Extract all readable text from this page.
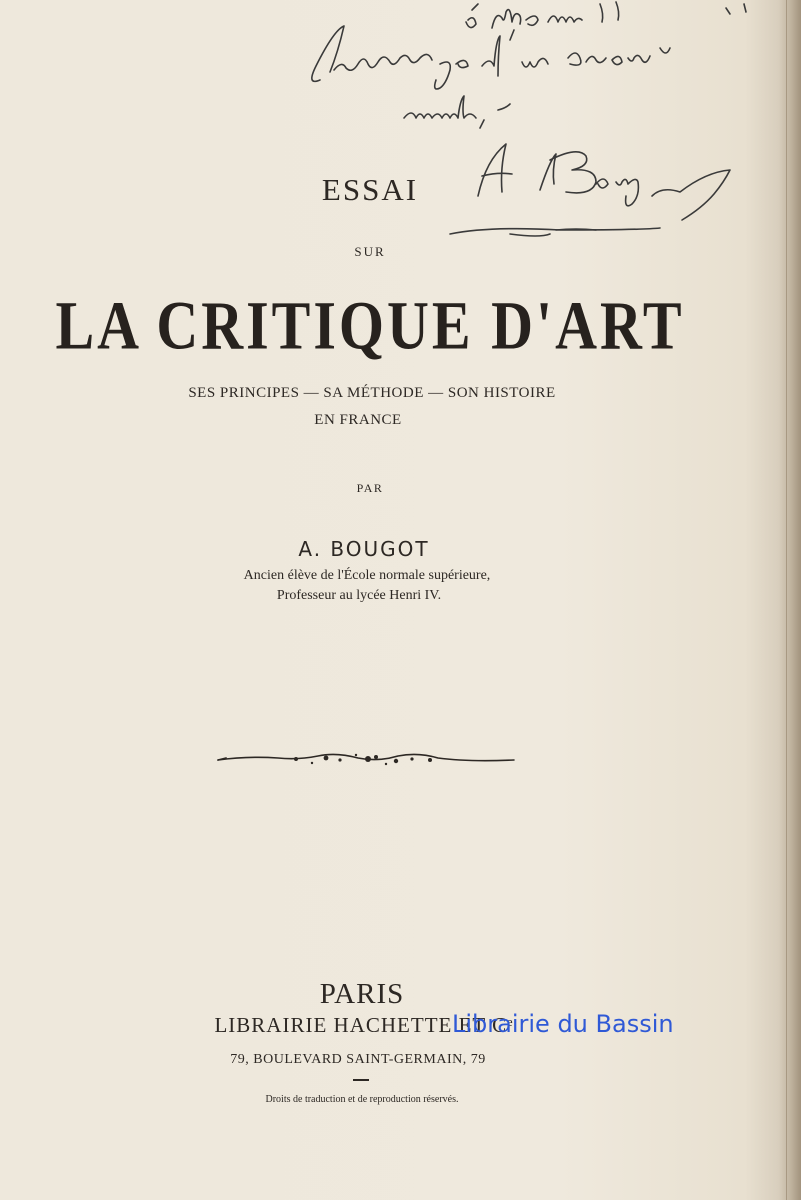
ESSAI
SUR
LA CRITIQUE D'ART
SES PRINCIPES — SA MÉTHODE — SON HISTOIRE
EN FRANCE
PAR
A. BOUGOT
Ancien élève de l'École normale supérieure,
Professeur au lycée Henri IV.
PARIS
LIBRAIRIE HACHETTE ET Cᵉ
79, BOULEVARD SAINT-GERMAIN, 79
Droits de traduction et de reproduction réservés.
Librairie du Bassin
